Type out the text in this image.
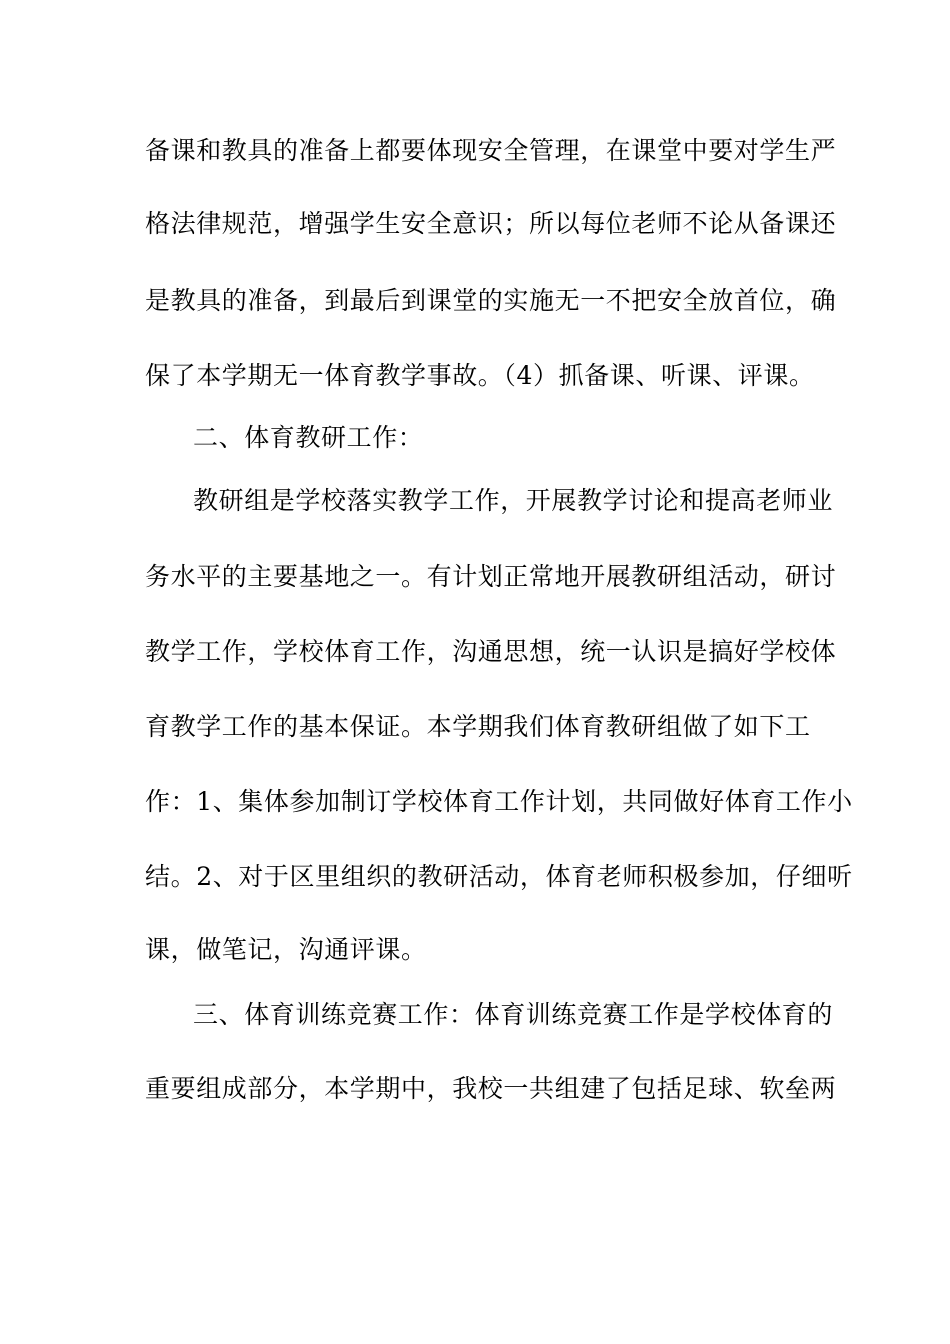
备课和教具的准备上都要体现安全管理，在课堂中要对学生严
格法律规范，增强学生安全意识；所以每位老师不论从备课还
是教具的准备，到最后到课堂的实施无一不把安全放首位，确
保了本学期无一体育教学事故。（4）抓备课、听课、评课。
二、体育教研工作：
教研组是学校落实教学工作，开展教学讨论和提高老师业
务水平的主要基地之一。有计划正常地开展教研组活动，研讨
教学工作，学校体育工作，沟通思想，统一认识是搞好学校体
育教学工作的基本保证。本学期我们体育教研组做了如下工
作：1、集体参加制订学校体育工作计划，共同做好体育工作小
结。2、对于区里组织的教研活动，体育老师积极参加，仔细听
课，做笔记，沟通评课。
三、体育训练竞赛工作：体育训练竞赛工作是学校体育的
重要组成部分，本学期中，我校一共组建了包括足球、软垒两
